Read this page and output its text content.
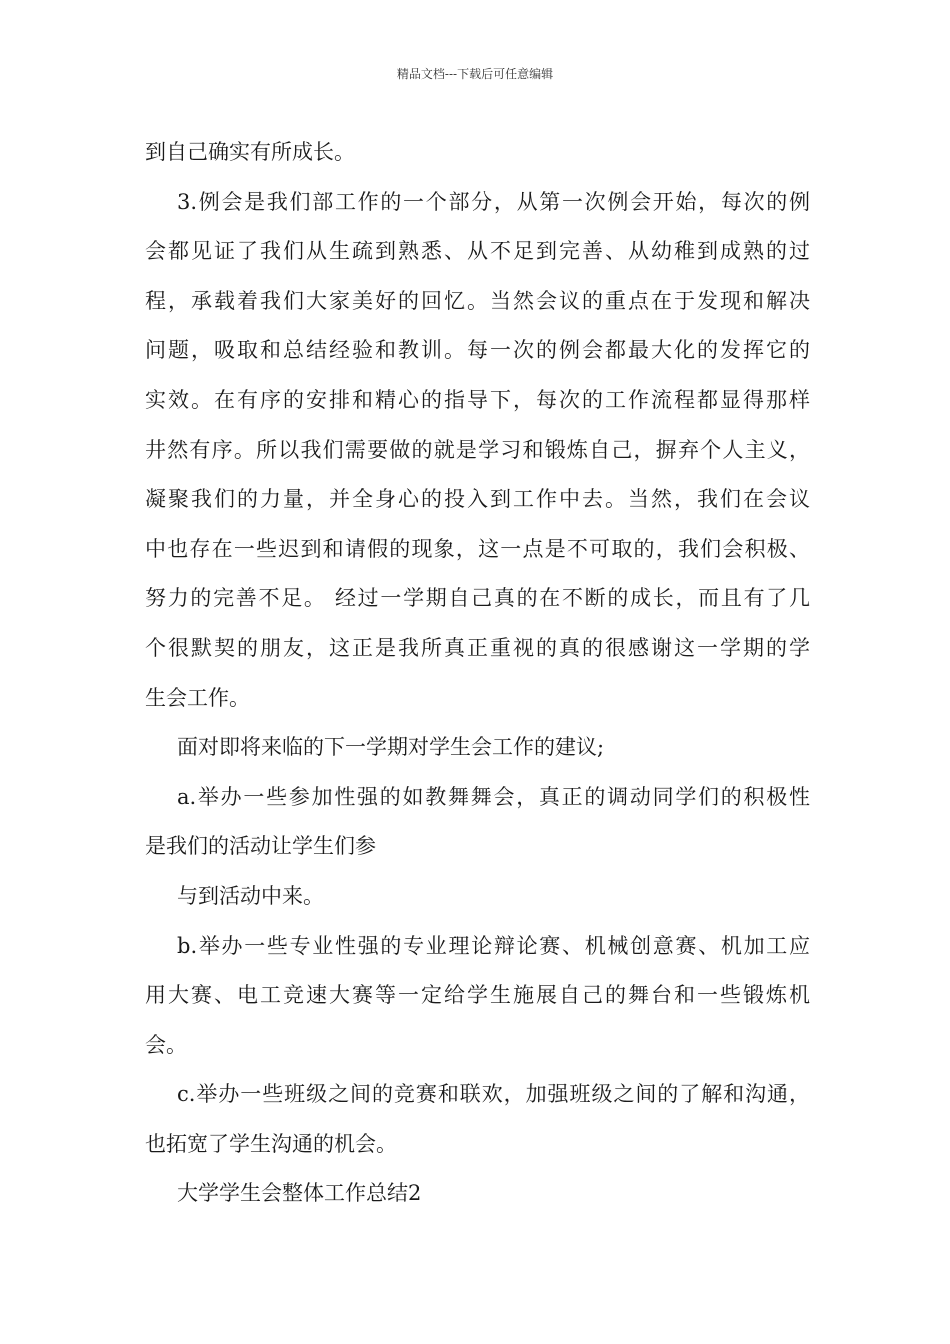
精品文档---下载后可任意编辑
到自己确实有所成长。
3.例会是我们部工作的一个部分，从第一次例会开始，每次的例
会都见证了我们从生疏到熟悉、从不足到完善、从幼稚到成熟的过
程，承载着我们大家美好的回忆。当然会议的重点在于发现和解决
问题，吸取和总结经验和教训。每一次的例会都最大化的发挥它的
实效。在有序的安排和精心的指导下，每次的工作流程都显得那样
井然有序。所以我们需要做的就是学习和锻炼自己，摒弃个人主义，
凝聚我们的力量，并全身心的投入到工作中去。当然，我们在会议
中也存在一些迟到和请假的现象，这一点是不可取的，我们会积极、
努力的完善不足。 经过一学期自己真的在不断的成长，而且有了几
个很默契的朋友，这正是我所真正重视的真的很感谢这一学期的学
生会工作。
面对即将来临的下一学期对学生会工作的建议;
a.举办一些参加性强的如教舞舞会，真正的调动同学们的积极性
是我们的活动让学生们参
与到活动中来。
b.举办一些专业性强的专业理论辩论赛、机械创意赛、机加工应
用大赛、电工竞速大赛等一定给学生施展自己的舞台和一些锻炼机
会。
c.举办一些班级之间的竞赛和联欢，加强班级之间的了解和沟通，
也拓宽了学生沟通的机会。
大学学生会整体工作总结2
